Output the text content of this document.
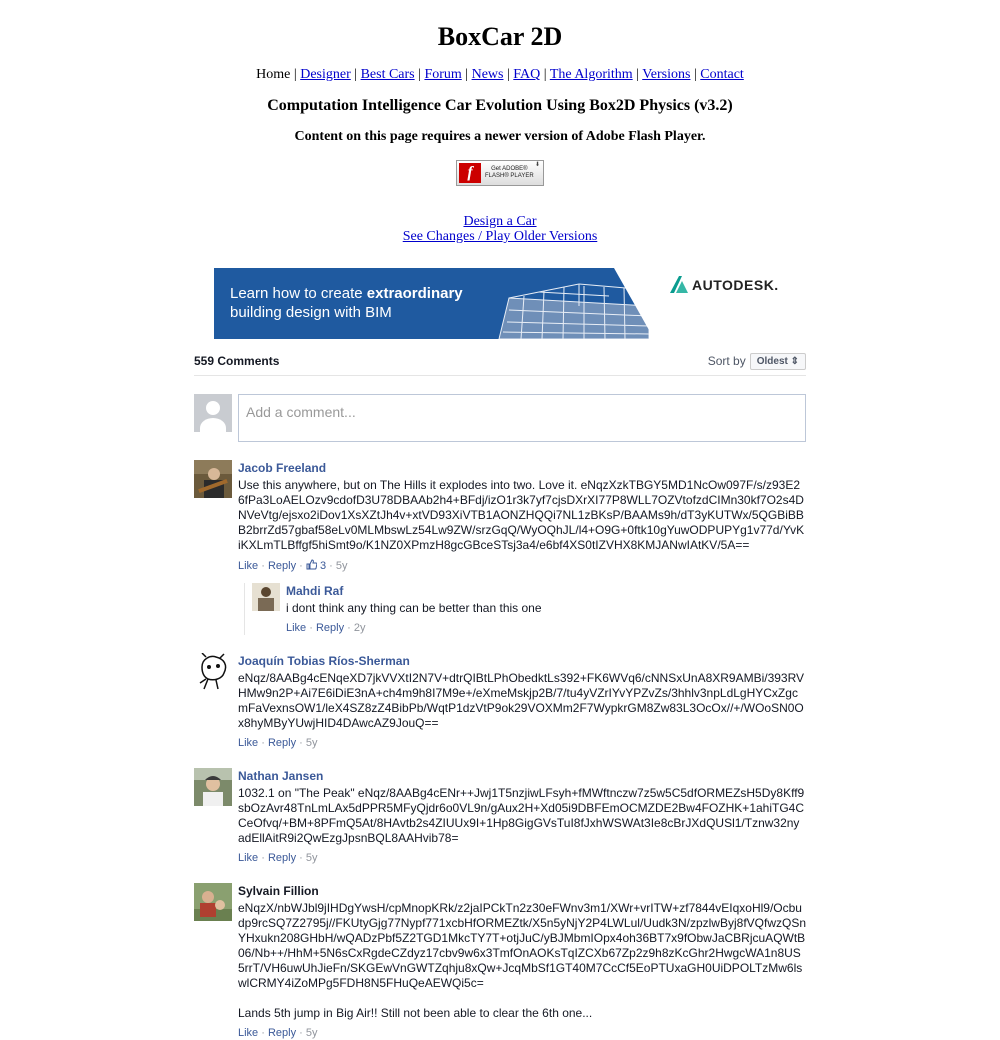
BoxCar 2D
Home | Designer | Best Cars | Forum | News | FAQ | The Algorithm | Versions | Contact
Computation Intelligence Car Evolution Using Box2D Physics (v3.2)
Content on this page requires a newer version of Adobe Flash Player.
f	Get ADOBE®
FLASH® PLAYER
⬇
Design a Car
See Changes / Play Older Versions
Learn how to create extraordinary
building design with BIM
AUTODESK.
559 Comments	Sort by	Oldest ⇕
Add a comment...
Jacob Freeland
Use this anywhere, but on The Hills it explodes into two. Love it. eNqzXzkTBGY5MD1NcOw097F/s/z93E26fPa3LoAELOzv9cdofD3U78DBAAb2h4+BFdj/izO1r3k7yf7cjsDXrXI77P8WLL7OZVtofzdCIMn30kf7O2s4DNVeVtg/ejsxo2iDov1XsXZtJh4v+xtVD93XiVTB1AONZHQQi7NL1zBKsP/BAAMs9h/dT3yKUTWx/5QGBiBBB2brrZd57gbaf58eLv0MLMbswLz54Lw9ZW/srzGqQ/WyOQhJL/l4+O9G+0ftk10gYuwODPUPYg1v77d/YvKiKXLmTLBffgf5hiSmt9o/K1NZ0XPmzH8gcGBceSTsj3a4/e6bf4XS0tIZVHX8KMJANwIAtKV/5A==
Like · Reply ·  3 · 5y
Mahdi Raf
i dont think any thing can be better than this one
Like · Reply · 2y
Joaquín Tobias Ríos-Sherman
eNqz/8AABg4cENqeXD7jkVVXtI2N7V+dtrQIBtLPhObedktLs392+FK6WVq6/cNNSxUnA8XR9AMBi/393RVHMw9n2P+Ai7E6iDiE3nA+ch4m9h8I7M9e+/eXmeMskjp2B/7/tu4yVZrIYvYPZvZs/3hhlv3npLdLgHYCxZgcmFaVexnsOW1/leX4SZ8zZ4BibPb/WqtP1dzVtP9ok29VOXMm2F7WypkrGM8Zw83L3OcOx//+/WOoSN0Ox8hyMByYUwjHID4DAwcAZ9JouQ==
Like · Reply · 5y
Nathan Jansen
1032.1 on "The Peak" eNqz/8AABg4cENr++Jwj1T5nzjiwLFsyh+fMWftnczw7z5w5C5dfORMEZsH5Dy8Kff9sbOzAvr48TnLmLAx5dPPR5MFyQjdr6o0VL9n/gAux2H+Xd05i9DBFEmOCMZDE2Bw4FOZHK+1ahiTG4CCeOfvq/+BM+8PFmQ5At/8HAvtb2s4ZIUUx9I+1Hp8GigGVsTuI8fJxhWSWAt3Ie8cBrJXdQUSl1/Tznw32nyadEllAitR9i2QwEzgJpsnBQL8AAHvib78=
Like · Reply · 5y
Sylvain Fillion
eNqzX/nbWJbl9jIHDgYwsH/cpMnopKRk/z2jaIPCkTn2z30eFWnv3m1/XWr+vrITW+zf7844vEIqxoHl9/Ocbudp9rcSQ7Z2795j//FKUtyGjg77Nypf771xcbHfORMEZtk/X5n5yNjY2P4LWLul/Uudk3N/zpzlwByj8fVQfwzQSnYHxukn208GHbH/wQADzPbf5Z2TGD1MkcTY7T+otjJuC/yBJMbmIOpx4oh36BT7x9fObwJaCBRjcuAQWtB06/Nb++/HhM+5N6sCxRgdeCZdyz17cbv9w6x3TmfOnAOKsTqIZCXb67Zp2z9h8zKcGhr2HwgcWA1n8US5rrT/VH6uwUhJieFn/SKGEwVnGWTZqhju8xQw+JcqMbSf1GT40M7CcCf5EoPTUxaGH0UiDPOLTzMw6lswlCRMY4iZoMPg5FDH8N5FHuQeAEWQi5c=

Lands 5th jump in Big Air!! Still not been able to clear the 6th one...
Like · Reply · 5y
